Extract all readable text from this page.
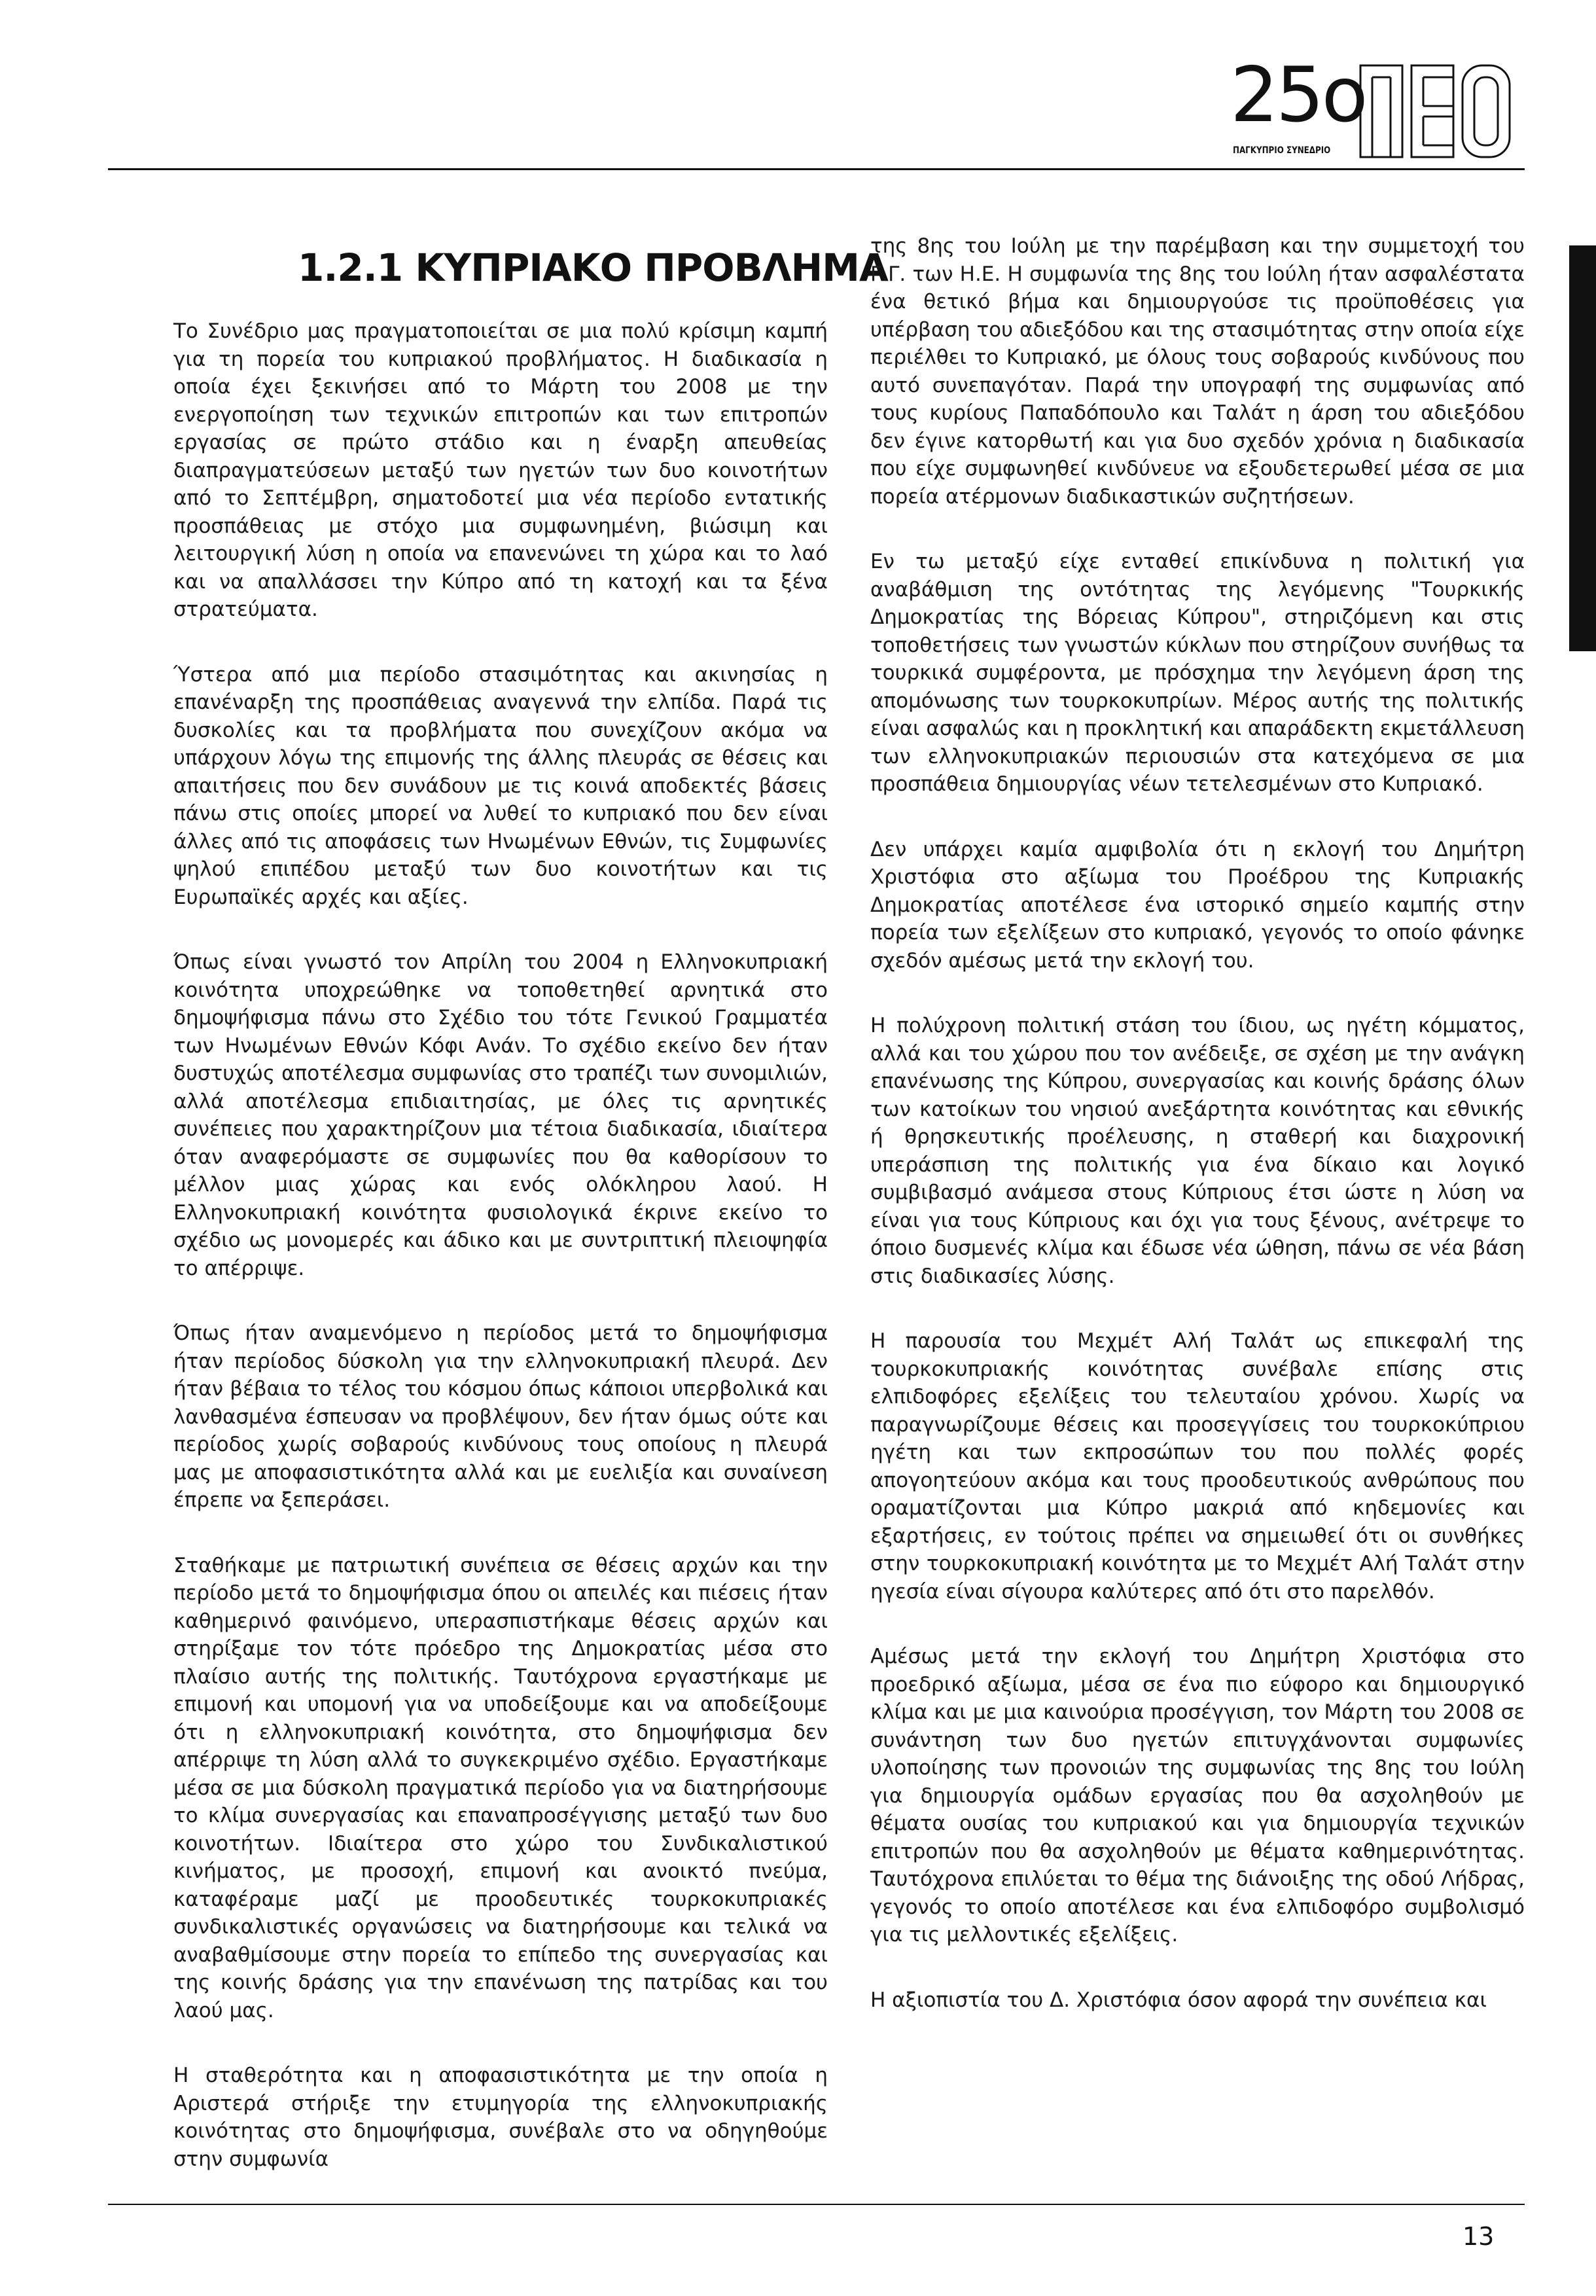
25ο
ΠΑΓΚΥΠΡΙΟ ΣΥΝΕΔΡΙΟ
1.2.1 ΚΥΠΡΙΑΚΟ ΠΡΟΒΛΗΜΑ

Το Συνέδριο μας πραγματοποιείται σε μια πολύ κρίσιμη καμπή για τη πορεία του κυπριακού προβλήματος. Η διαδικασία η οποία έχει ξεκινήσει από το Μάρτη του 2008 με την ενεργοποίηση των τεχνικών επιτροπών και των επιτροπών εργασίας σε πρώτο στάδιο και η έναρξη απευθείας διαπραγματεύσεων μεταξύ των ηγετών των δυο κοινοτήτων από το Σεπτέμβρη, σηματοδοτεί μια νέα περίοδο εντατικής προσπάθειας με στόχο μια συμφωνημένη, βιώσιμη και λειτουργική λύση η οποία να επανενώνει τη χώρα και το λαό και να απαλλάσσει την Κύπρο από τη κατοχή και τα ξένα στρατεύματα.

Ύστερα από μια περίοδο στασιμότητας και ακινησίας η επανέναρξη της προσπάθειας αναγεννά την ελπίδα. Παρά τις δυσκολίες και τα προβλήματα που συνεχίζουν ακόμα να υπάρχουν λόγω της επιμονής της άλλης πλευράς σε θέσεις και απαιτήσεις που δεν συνάδουν με τις κοινά αποδεκτές βάσεις πάνω στις οποίες μπορεί να λυθεί το κυπριακό που δεν είναι άλλες από τις αποφάσεις των Ηνωμένων Εθνών, τις Συμφωνίες ψηλού επιπέδου μεταξύ των δυο κοινοτήτων και τις Ευρωπαϊκές αρχές και αξίες.

Όπως είναι γνωστό τον Απρίλη του 2004 η Ελληνοκυπριακή κοινότητα υποχρεώθηκε να τοποθετηθεί αρνητικά στο δημοψήφισμα πάνω στο Σχέδιο του τότε Γενικού Γραμματέα των Ηνωμένων Εθνών Κόφι Ανάν. Το σχέδιο εκείνο δεν ήταν δυστυχώς αποτέλεσμα συμφωνίας στο τραπέζι των συνομιλιών, αλλά αποτέλεσμα επιδιαιτησίας, με όλες τις αρνητικές συνέπειες που χαρακτηρίζουν μια τέτοια διαδικασία, ιδιαίτερα όταν αναφερόμαστε σε συμφωνίες που θα καθορίσουν το μέλλον μιας χώρας και ενός ολόκληρου λαού. Η Ελληνοκυπριακή κοινότητα φυσιολογικά έκρινε εκείνο το σχέδιο ως μονομερές και άδικο και με συντριπτική πλειοψηφία το απέρριψε.

Όπως ήταν αναμενόμενο η περίοδος μετά το δημοψήφισμα ήταν περίοδος δύσκολη για την ελληνοκυπριακή πλευρά. Δεν ήταν βέβαια το τέλος του κόσμου όπως κάποιοι υπερβολικά και λανθασμένα έσπευσαν να προβλέψουν, δεν ήταν όμως ούτε και περίοδος χωρίς σοβαρούς κινδύνους τους οποίους η πλευρά μας με αποφασιστικότητα αλλά και με ευελιξία και συναίνεση έπρεπε να ξεπεράσει.

Σταθήκαμε με πατριωτική συνέπεια σε θέσεις αρχών και την περίοδο μετά το δημοψήφισμα όπου οι απειλές και πιέσεις ήταν καθημερινό φαινόμενο, υπερασπιστήκαμε θέσεις αρχών και στηρίξαμε τον τότε πρόεδρο της Δημοκρατίας μέσα στο πλαίσιο αυτής της πολιτικής. Ταυτόχρονα εργαστήκαμε με επιμονή και υπομονή για να υποδείξουμε και να αποδείξουμε ότι η ελληνοκυπριακή κοινότητα, στο δημοψήφισμα δεν απέρριψε τη λύση αλλά το συγκεκριμένο σχέδιο. Εργαστήκαμε μέσα σε μια δύσκολη πραγματικά περίοδο για να διατηρήσουμε το κλίμα συνεργασίας και επαναπροσέγγισης μεταξύ των δυο κοινοτήτων. Ιδιαίτερα στο χώρο του Συνδικαλιστικού κινήματος, με προσοχή, επιμονή και ανοικτό πνεύμα, καταφέραμε μαζί με προοδευτικές τουρκοκυπριακές συνδικαλιστικές οργανώσεις να διατηρήσουμε και τελικά να αναβαθμίσουμε στην πορεία το επίπεδο της συνεργασίας και της κοινής δράσης για την επανένωση της πατρίδας και του λαού μας.

Η σταθερότητα και η αποφασιστικότητα με την οποία η Αριστερά στήριξε την ετυμηγορία της ελληνοκυπριακής κοινότητας στο δημοψήφισμα, συνέβαλε στο να οδηγηθούμε στην συμφωνία

της 8ης του Ιούλη με την παρέμβαση και την συμμετοχή του Γ.Γ. των Η.Ε. Η συμφωνία της 8ης του Ιούλη ήταν ασφαλέστατα ένα θετικό βήμα και δημιουργούσε τις προϋποθέσεις για υπέρβαση του αδιεξόδου και της στασιμότητας στην οποία είχε περιέλθει το Κυπριακό, με όλους τους σοβαρούς κινδύνους που αυτό συνεπαγόταν. Παρά την υπογραφή της συμφωνίας από τους κυρίους Παπαδόπουλο και Ταλάτ η άρση του αδιεξόδου δεν έγινε κατορθωτή και για δυο σχεδόν χρόνια η διαδικασία που είχε συμφωνηθεί κινδύνευε να εξουδετερωθεί μέσα σε μια πορεία ατέρμονων διαδικαστικών συζητήσεων.

Εν τω μεταξύ είχε ενταθεί επικίνδυνα η πολιτική για αναβάθμιση της οντότητας της λεγόμενης "Τουρκικής Δημοκρατίας της Βόρειας Κύπρου", στηριζόμενη και στις τοποθετήσεις των γνωστών κύκλων που στηρίζουν συνήθως τα τουρκικά συμφέροντα, με πρόσχημα την λεγόμενη άρση της απομόνωσης των τουρκοκυπρίων. Μέρος αυτής της πολιτικής είναι ασφαλώς και η προκλητική και απαράδεκτη εκμετάλλευση των ελληνοκυπριακών περιουσιών στα κατεχόμενα σε μια προσπάθεια δημιουργίας νέων τετελεσμένων στο Κυπριακό.

Δεν υπάρχει καμία αμφιβολία ότι η εκλογή του Δημήτρη Χριστόφια στο αξίωμα του Προέδρου της Κυπριακής Δημοκρατίας αποτέλεσε ένα ιστορικό σημείο καμπής στην πορεία των εξελίξεων στο κυπριακό, γεγονός το οποίο φάνηκε σχεδόν αμέσως μετά την εκλογή του.

Η πολύχρονη πολιτική στάση του ίδιου, ως ηγέτη κόμματος, αλλά και του χώρου που τον ανέδειξε, σε σχέση με την ανάγκη επανένωσης της Κύπρου, συνεργασίας και κοινής δράσης όλων των κατοίκων του νησιού ανεξάρτητα κοινότητας και εθνικής ή θρησκευτικής προέλευσης, η σταθερή και διαχρονική υπεράσπιση της πολιτικής για ένα δίκαιο και λογικό συμβιβασμό ανάμεσα στους Κύπριους έτσι ώστε η λύση να είναι για τους Κύπριους και όχι για τους ξένους, ανέτρεψε το όποιο δυσμενές κλίμα και έδωσε νέα ώθηση, πάνω σε νέα βάση στις διαδικασίες λύσης.

Η παρουσία του Μεχμέτ Αλή Ταλάτ ως επικεφαλή της τουρκοκυπριακής κοινότητας συνέβαλε επίσης στις ελπιδοφόρες εξελίξεις του τελευταίου χρόνου. Χωρίς να παραγνωρίζουμε θέσεις και προσεγγίσεις του τουρκοκύπριου ηγέτη και των εκπροσώπων του που πολλές φορές απογοητεύουν ακόμα και τους προοδευτικούς ανθρώπους που οραματίζονται μια Κύπρο μακριά από κηδεμονίες και εξαρτήσεις, εν τούτοις πρέπει να σημειωθεί ότι οι συνθήκες στην τουρκοκυπριακή κοινότητα με το Μεχμέτ Αλή Ταλάτ στην ηγεσία είναι σίγουρα καλύτερες από ότι στο παρελθόν.

Αμέσως μετά την εκλογή του Δημήτρη Χριστόφια στο προεδρικό αξίωμα, μέσα σε ένα πιο εύφορο και δημιουργικό κλίμα και με μια καινούρια προσέγγιση, τον Μάρτη του 2008 σε συνάντηση των δυο ηγετών επιτυγχάνονται συμφωνίες υλοποίησης των προνοιών της συμφωνίας της 8ης του Ιούλη για δημιουργία ομάδων εργασίας που θα ασχοληθούν με θέματα ουσίας του κυπριακού και για δημιουργία τεχνικών επιτροπών που θα ασχοληθούν με θέματα καθημερινότητας. Ταυτόχρονα επιλύεται το θέμα της διάνοιξης της οδού Λήδρας, γεγονός το οποίο αποτέλεσε και ένα ελπιδοφόρο συμβολισμό για τις μελλοντικές εξελίξεις.

Η αξιοπιστία του Δ. Χριστόφια όσον αφορά την συνέπεια και

13
